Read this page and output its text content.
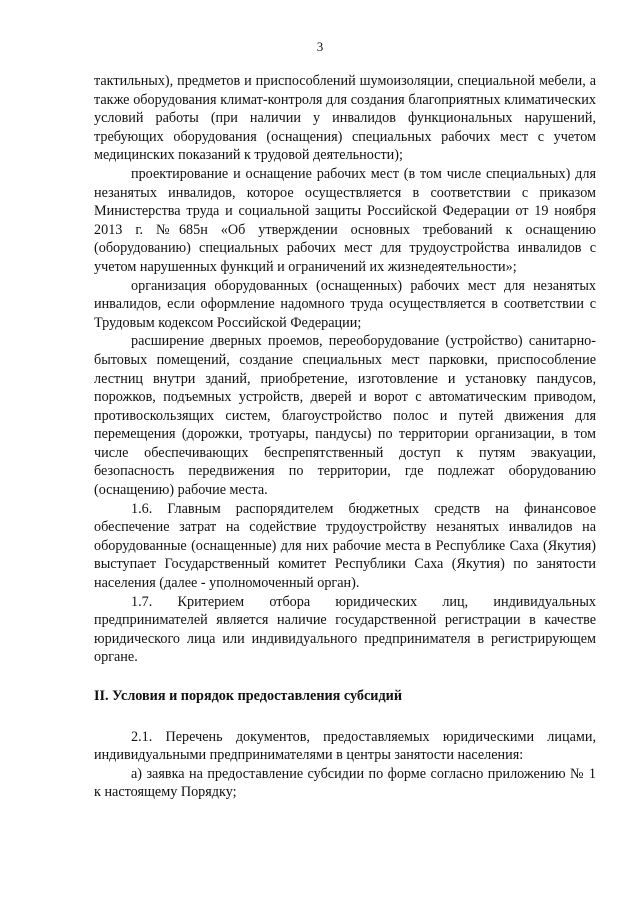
3

тактильных), предметов и приспособлений шумоизоляции, специальной мебели, а также оборудования климат-контроля для создания благоприятных климатических условий работы (при наличии у инвалидов функциональных нарушений, требующих оборудования (оснащения) специальных рабочих мест с учетом медицинских показаний к трудовой деятельности);

проектирование и оснащение рабочих мест (в том числе специальных) для незанятых инвалидов, которое осуществляется в соответствии с приказом Министерства труда и социальной защиты Российской Федерации от 19 ноября 2013 г. №685н «Об утверждении основных требований к оснащению (оборудованию) специальных рабочих мест для трудоустройства инвалидов с учетом нарушенных функций и ограничений их жизнедеятельности»;

организация оборудованных (оснащенных) рабочих мест для незанятых инвалидов, если оформление надомного труда осуществляется в соответствии с Трудовым кодексом Российской Федерации;

расширение дверных проемов, переоборудование (устройство) санитарно-бытовых помещений, создание специальных мест парковки, приспособление лестниц внутри зданий, приобретение, изготовление и установку пандусов, порожков, подъемных устройств, дверей и ворот с автоматическим приводом, противоскользящих систем, благоустройство полос и путей движения для перемещения (дорожки, тротуары, пандусы) по территории организации, в том числе обеспечивающих беспрепятственный доступ к путям эвакуации, безопасность передвижения по территории, где подлежат оборудованию (оснащению) рабочие места.

1.6. Главным распорядителем бюджетных средств на финансовое обеспечение затрат на содействие трудоустройству незанятых инвалидов на оборудованные (оснащенные) для них рабочие места в Республике Саха (Якутия) выступает Государственный комитет Республики Саха (Якутия) по занятости населения (далее - уполномоченный орган).

1.7. Критерием отбора юридических лиц, индивидуальных предпринимателей является наличие государственной регистрации в качестве юридического лица или индивидуального предпринимателя в регистрирующем органе.

II. Условия и порядок предоставления субсидий

2.1. Перечень документов, предоставляемых юридическими лицами, индивидуальными предпринимателями в центры занятости населения:

а) заявка на предоставление субсидии по форме согласно приложению № 1 к настоящему Порядку;
